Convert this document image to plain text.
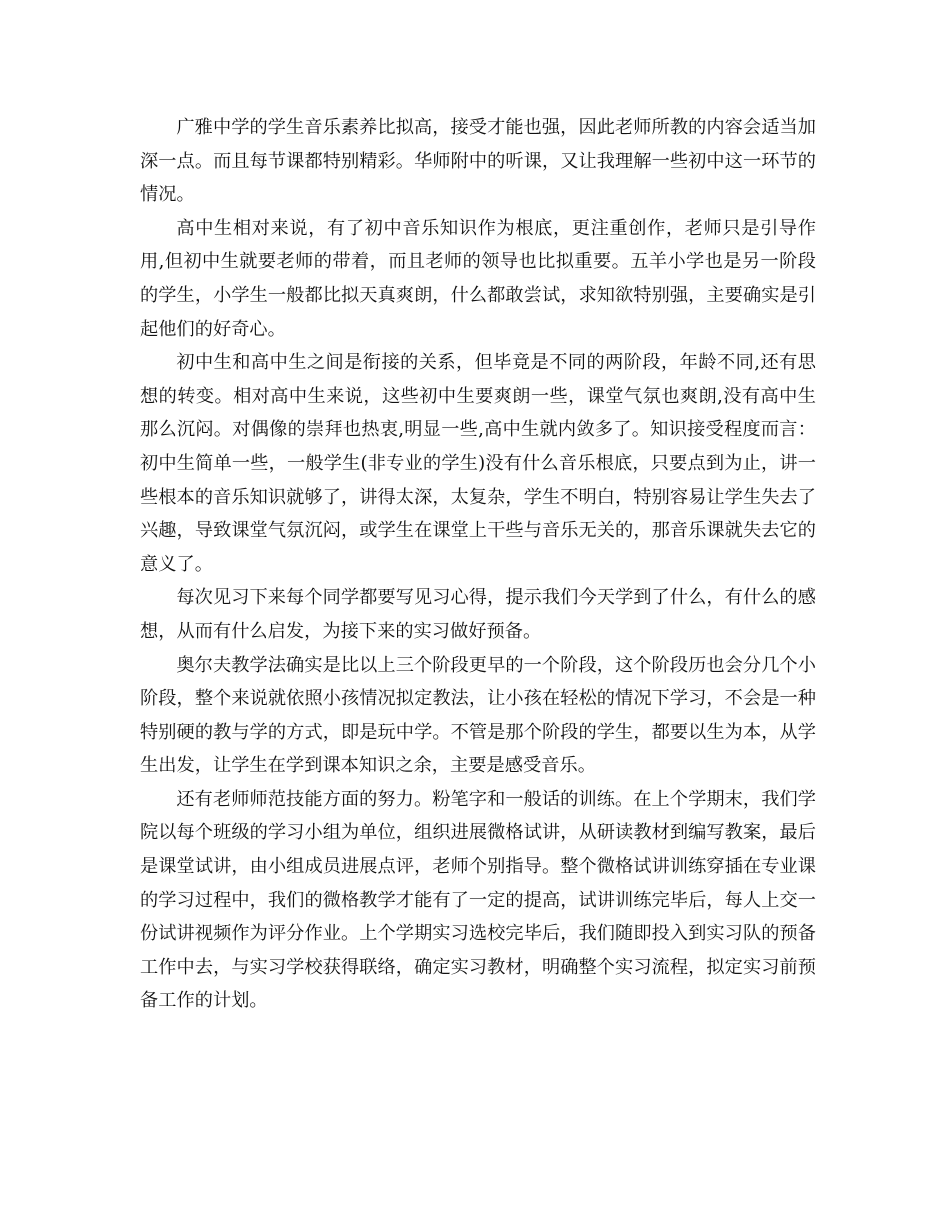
广雅中学的学生音乐素养比拟高，接受才能也强，因此老师所教的内容会适当加深一点。而且每节课都特别精彩。华师附中的听课，又让我理解一些初中这一环节的情况。

高中生相对来说，有了初中音乐知识作为根底，更注重创作，老师只是引导作用,但初中生就要老师的带着，而且老师的领导也比拟重要。五羊小学也是另一阶段的学生，小学生一般都比拟天真爽朗，什么都敢尝试，求知欲特别强，主要确实是引起他们的好奇心。

初中生和高中生之间是衔接的关系，但毕竟是不同的两阶段，年龄不同,还有思想的转变。相对高中生来说，这些初中生要爽朗一些，课堂气氛也爽朗,没有高中生那么沉闷。对偶像的崇拜也热衷,明显一些,高中生就内敛多了。知识接受程度而言：初中生简单一些，一般学生(非专业的学生)没有什么音乐根底，只要点到为止，讲一些根本的音乐知识就够了，讲得太深，太复杂，学生不明白，特别容易让学生失去了兴趣，导致课堂气氛沉闷，或学生在课堂上干些与音乐无关的，那音乐课就失去它的意义了。

每次见习下来每个同学都要写见习心得，提示我们今天学到了什么，有什么的感想，从而有什么启发，为接下来的实习做好预备。

奥尔夫教学法确实是比以上三个阶段更早的一个阶段，这个阶段历也会分几个小阶段，整个来说就依照小孩情况拟定教法，让小孩在轻松的情况下学习，不会是一种特别硬的教与学的方式，即是玩中学。不管是那个阶段的学生，都要以生为本，从学生出发，让学生在学到课本知识之余，主要是感受音乐。

还有老师师范技能方面的努力。粉笔字和一般话的训练。在上个学期末，我们学院以每个班级的学习小组为单位，组织进展微格试讲，从研读教材到编写教案，最后是课堂试讲，由小组成员进展点评，老师个别指导。整个微格试讲训练穿插在专业课的学习过程中，我们的微格教学才能有了一定的提高，试讲训练完毕后，每人上交一份试讲视频作为评分作业。上个学期实习选校完毕后，我们随即投入到实习队的预备工作中去，与实习学校获得联络，确定实习教材，明确整个实习流程，拟定实习前预备工作的计划。
